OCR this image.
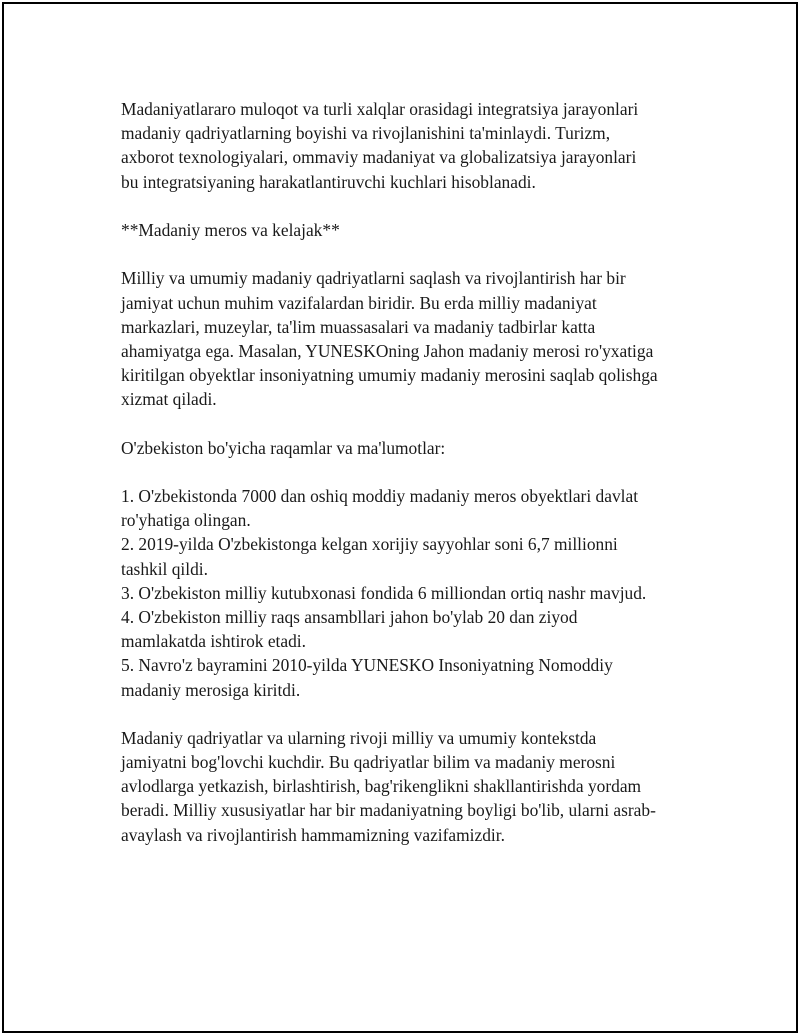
Madaniyatlararo muloqot va turli xalqlar orasidagi integratsiya jarayonlari
madaniy qadriyatlarning boyishi va rivojlanishini ta'minlaydi. Turizm,
axborot texnologiyalari, ommaviy madaniyat va globalizatsiya jarayonlari
bu integratsiyaning harakatlantiruvchi kuchlari hisoblanadi.
**Madaniy meros va kelajak**
Milliy va umumiy madaniy qadriyatlarni saqlash va rivojlantirish har bir
jamiyat uchun muhim vazifalardan biridir. Bu erda milliy madaniyat
markazlari, muzeylar, ta'lim muassasalari va madaniy tadbirlar katta
ahamiyatga ega. Masalan, YUNESKOning Jahon madaniy merosi ro'yxatiga
kiritilgan obyektlar insoniyatning umumiy madaniy merosini saqlab qolishga
xizmat qiladi.
O'zbekiston bo'yicha raqamlar va ma'lumotlar:
1. O'zbekistonda 7000 dan oshiq moddiy madaniy meros obyektlari davlat
ro'yhatiga olingan.
2. 2019-yilda O'zbekistonga kelgan xorijiy sayyohlar soni 6,7 millionni
tashkil qildi.
3. O'zbekiston milliy kutubxonasi fondida 6 milliondan ortiq nashr mavjud.
4. O'zbekiston milliy raqs ansambllari jahon bo'ylab 20 dan ziyod
mamlakatda ishtirok etadi.
5. Navro'z bayramini 2010-yilda YUNESKO Insoniyatning Nomoddiy
madaniy merosiga kiritdi.
Madaniy qadriyatlar va ularning rivoji milliy va umumiy kontekstda
jamiyatni bog'lovchi kuchdir. Bu qadriyatlar bilim va madaniy merosni
avlodlarga yetkazish, birlashtirish, bag'rikenglikni shakllantirishda yordam
beradi. Milliy xususiyatlar har bir madaniyatning boyligi bo'lib, ularni asrab-
avaylash va rivojlantirish hammamizning vazifamizdir.
